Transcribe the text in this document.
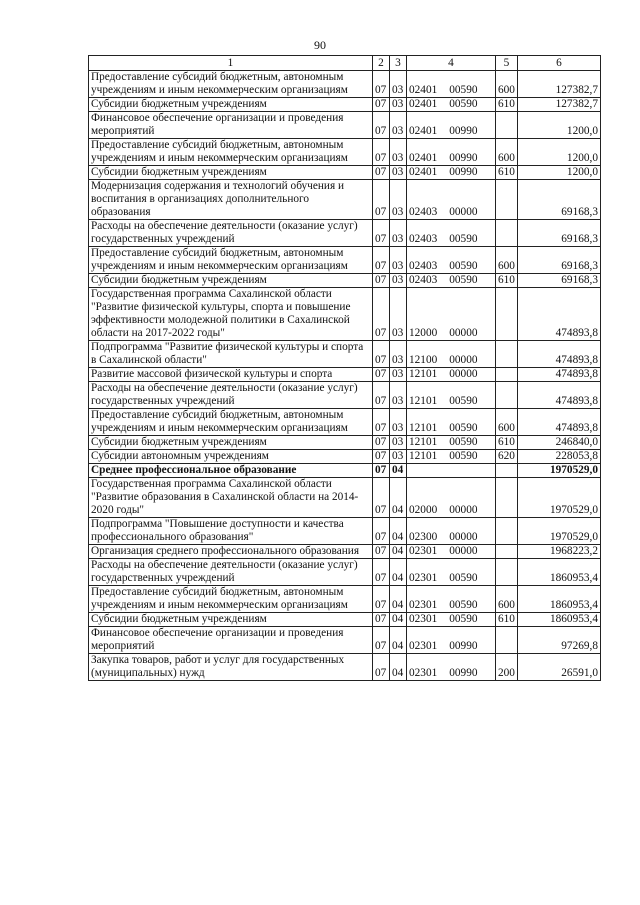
90
1	2	3	4	5	6
Предоставление субсидий бюджетным, автономным учреждениям и иным некоммерческим организациям	07	03	02401 00590	600	127382,7
Субсидии бюджетным учреждениям	07	03	02401 00590	610	127382,7
Финансовое обеспечение организации и проведения мероприятий	07	03	02401 00990		1200,0
Предоставление субсидий бюджетным, автономным учреждениям и иным некоммерческим организациям	07	03	02401 00990	600	1200,0
Субсидии бюджетным учреждениям	07	03	02401 00990	610	1200,0
Модернизация содержания и технологий обучения и воспитания в организациях дополнительного образования	07	03	02403 00000		69168,3
Расходы на обеспечение деятельности (оказание услуг) государственных учреждений	07	03	02403 00590		69168,3
Предоставление субсидий бюджетным, автономным учреждениям и иным некоммерческим организациям	07	03	02403 00590	600	69168,3
Субсидии бюджетным учреждениям	07	03	02403 00590	610	69168,3
Государственная программа Сахалинской области "Развитие физической культуры, спорта и повышение эффективности молодежной политики в Сахалинской области на 2017-2022 годы"	07	03	12000 00000		474893,8
Подпрограмма "Развитие физической культуры и спорта в Сахалинской области"	07	03	12100 00000		474893,8
Развитие массовой физической культуры и спорта	07	03	12101 00000		474893,8
Расходы на обеспечение деятельности (оказание услуг) государственных учреждений	07	03	12101 00590		474893,8
Предоставление субсидий бюджетным, автономным учреждениям и иным некоммерческим организациям	07	03	12101 00590	600	474893,8
Субсидии бюджетным учреждениям	07	03	12101 00590	610	246840,0
Субсидии автономным учреждениям	07	03	12101 00590	620	228053,8
Среднее профессиональное образование	07	04			1970529,0
Государственная программа Сахалинской области "Развитие образования в Сахалинской области на 2014-2020 годы"	07	04	02000 00000		1970529,0
Подпрограмма "Повышение доступности и качества профессионального образования"	07	04	02300 00000		1970529,0
Организация среднего профессионального образования	07	04	02301 00000		1968223,2
Расходы на обеспечение деятельности (оказание услуг) государственных учреждений	07	04	02301 00590		1860953,4
Предоставление субсидий бюджетным, автономным учреждениям и иным некоммерческим организациям	07	04	02301 00590	600	1860953,4
Субсидии бюджетным учреждениям	07	04	02301 00590	610	1860953,4
Финансовое обеспечение организации и проведения мероприятий	07	04	02301 00990		97269,8
Закупка товаров, работ и услуг для государственных (муниципальных) нужд	07	04	02301 00990	200	26591,0
